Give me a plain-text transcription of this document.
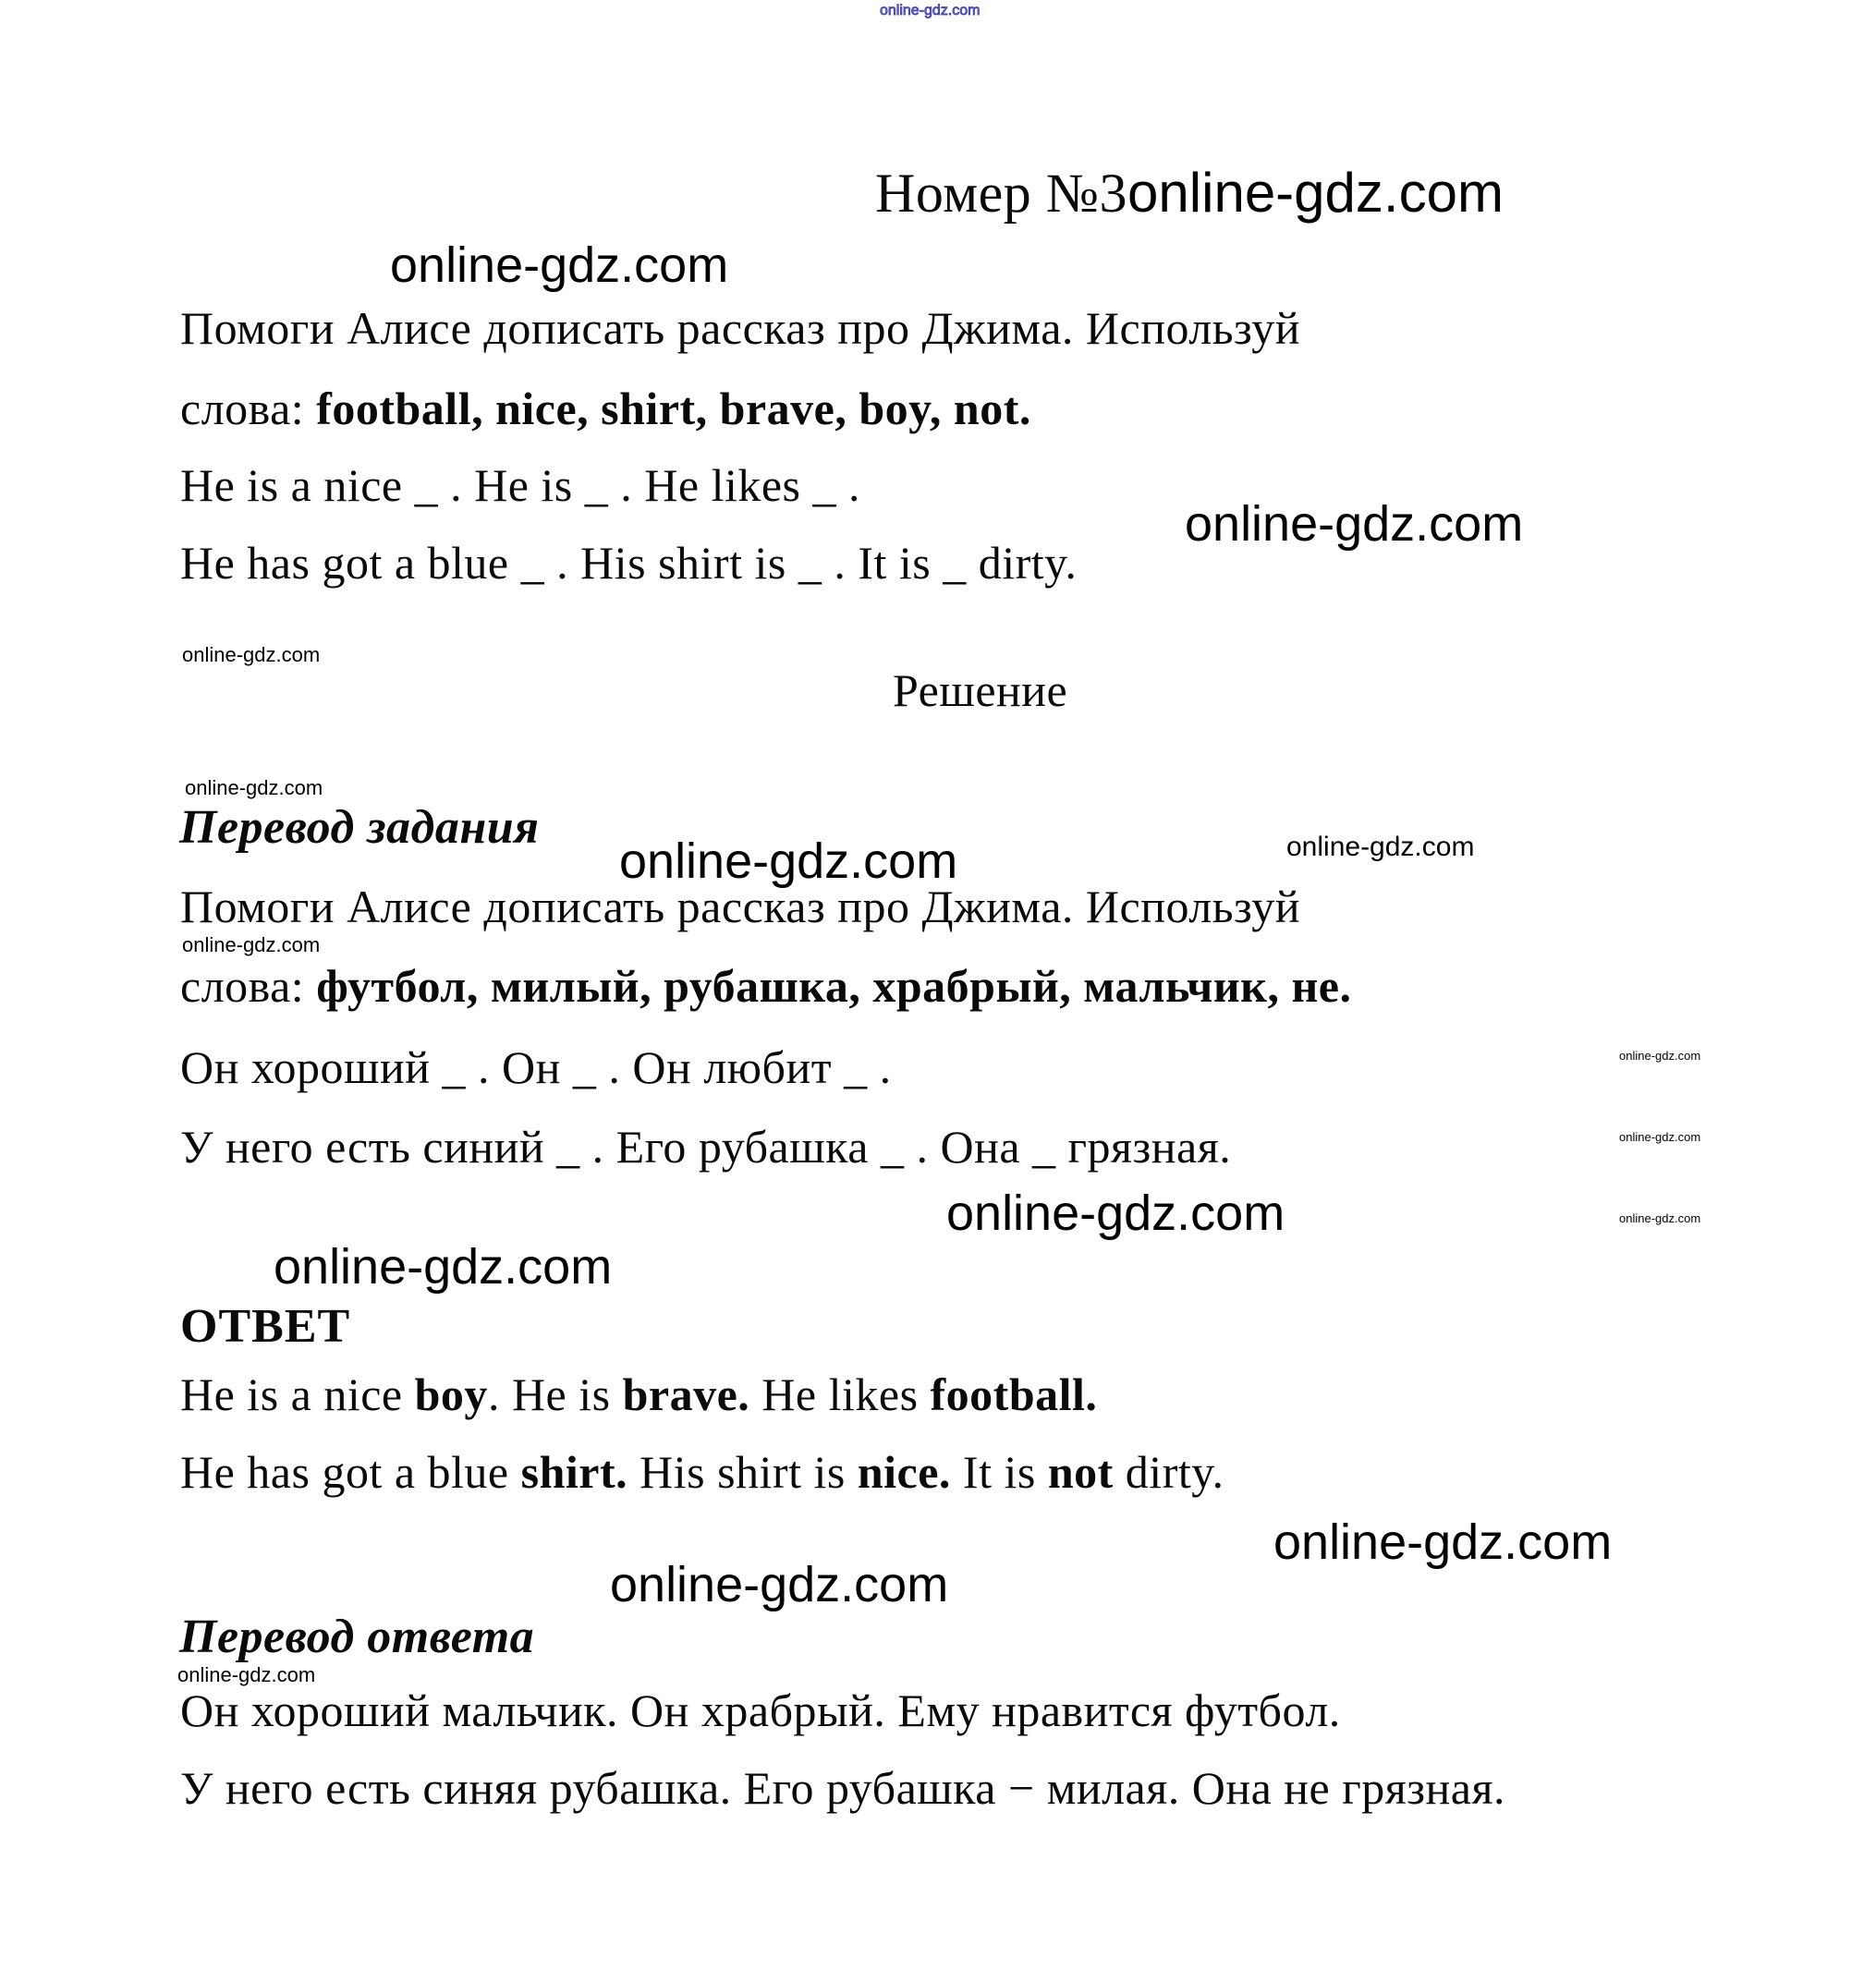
online-gdz.com
Номер №3 online-gdz.com
online-gdz.com
Помоги Алисе дописать рассказ про Джима. Используй
слова: football, nice, shirt, brave, boy, not.
He is a nice _ . He is _ . He likes _ .
online-gdz.com
He has got a blue _ . His shirt is _ . It is _ dirty.
online-gdz.com
Решение
online-gdz.com
Перевод задания
online-gdz.com	online-gdz.com
Помоги Алисе дописать рассказ про Джима. Используй
online-gdz.com
слова: футбол, милый, рубашка, храбрый, мальчик, не.
Он хороший _ . Он _ . Он любит _ .	online-gdz.com
У него есть синий _ . Его рубашка _ . Она _ грязная.	online-gdz.com
online-gdz.com	online-gdz.com
online-gdz.com
ОТВЕТ
He is a nice boy. He is brave. He likes football.
He has got a blue shirt. His shirt is nice. It is not dirty.
online-gdz.com
online-gdz.com
Перевод ответа
online-gdz.com
Он хороший мальчик. Он храбрый. Ему нравится футбол.
У него есть синяя рубашка. Его рубашка − милая. Она не грязная.
